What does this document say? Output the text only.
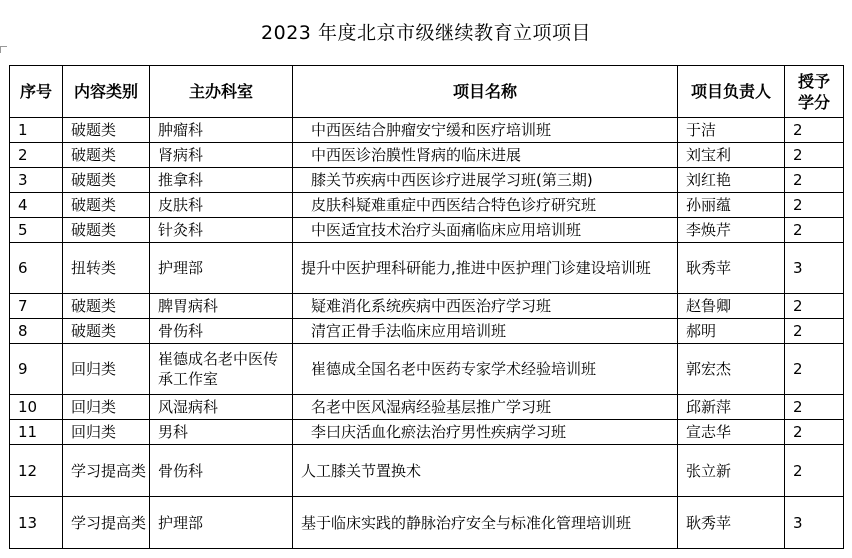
2023 年度北京市级继续教育立项项目
序号	内容类别	主办科室	项目名称	项目负责人	授予学分
1	破题类	肿瘤科	中西医结合肿瘤安宁缓和医疗培训班	于洁	2
2	破题类	肾病科	中西医诊治膜性肾病的临床进展	刘宝利	2
3	破题类	推拿科	膝关节疾病中西医诊疗进展学习班(第三期)	刘红艳	2
4	破题类	皮肤科	皮肤科疑难重症中西医结合特色诊疗研究班	孙丽蕴	2
5	破题类	针灸科	中医适宜技术治疗头面痛临床应用培训班	李焕芹	2
6	扭转类	护理部	提升中医护理科研能力,推进中医护理门诊建设培训班	耿秀苹	3
7	破题类	脾胃病科	疑难消化系统疾病中西医治疗学习班	赵鲁卿	2
8	破题类	骨伤科	清宫正骨手法临床应用培训班	郝明	2
9	回归类	崔德成名老中医传承工作室	崔德成全国名老中医药专家学术经验培训班	郭宏杰	2
10	回归类	风湿病科	名老中医风湿病经验基层推广学习班	邱新萍	2
11	回归类	男科	李曰庆活血化瘀法治疗男性疾病学习班	宣志华	2
12	学习提高类	骨伤科	人工膝关节置换术	张立新	2
13	学习提高类	护理部	基于临床实践的静脉治疗安全与标准化管理培训班	耿秀苹	3
